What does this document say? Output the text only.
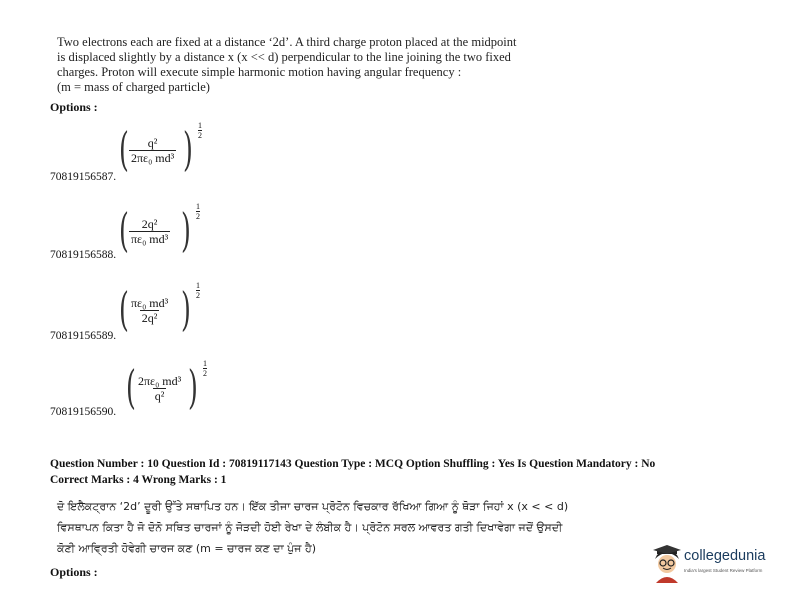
Two electrons each are fixed at a distance ‘2d’. A third charge proton placed at the midpoint

is displaced slightly by a distance x (x << d) perpendicular to the line joining the two fixed

charges. Proton will execute simple harmonic motion having angular frequency :

(m = mass of charged particle)

Options :
70819156587.
( $\frac{\text{q²}}{\text{2πε₀ md³}}$ ) $\frac{1}{2}$
70819156588. ( $\frac{\text{2q²}}{\text{πε₀ md³}}$ ) $\frac{1}{2}$
70819156589. ( $\frac{\text{πε₀ md³}}{\text{2q²}}$ ) $\frac{1}{2}$
70819156590. ( $\frac{\text{2πε₀ md³}}{\text{q²}}$ ) $\frac{1}{2}$
Question Number : 10 Question Id : 70819117143 Question Type : MCQ Option Shuffling : Yes Is Question Mandatory : No
Correct Marks : 4 Wrong Marks : 1

ਦੋ ਇਲੈਕਟ੍ਰਾਨ ‘2d’ ਦੂਰੀ ਉੱਤੇ ਸਥਾਪਿਤ ਹਨ। ਇੱਕ ਤੀਜਾ ਚਾਰਜ ਪ੍ਰੋਟੋਨ ਵਿਚਕਾਰ ਰੱਖਿਆ ਗਿਆ ਨੂੰ ਥੋੜਾ ਜਿਹਾਂ x (x < < d)

ਵਿਸਥਾਪਨ ਕਿਤਾ ਹੈ ਜੋ ਦੋਨੋ ਸਥਿਤ ਚਾਰਜਾਂ ਨੂੰ ਜੋੜਦੀ ਹੋਈ ਰੇਖਾ ਦੇ ਲੰਬੀਕ ਹੈ। ਪ੍ਰੋਟੋਨ ਸਰਲ ਆਵਰਤ ਗਤੀ ਦਿਖਾਵੇਗਾ ਜਦੋਂ ਉਸਦੀ

ਕੋਣੀ ਆਵ੍ਰਿਤੀ ਹੋਵੇਗੀ ਚਾਰਜ ਕਣ (m = ਚਾਰਜ ਕਣ ਦਾ ਪੁੰਜ ਹੈ)

Options :
collegedunia
India's largest Student Review Platform
